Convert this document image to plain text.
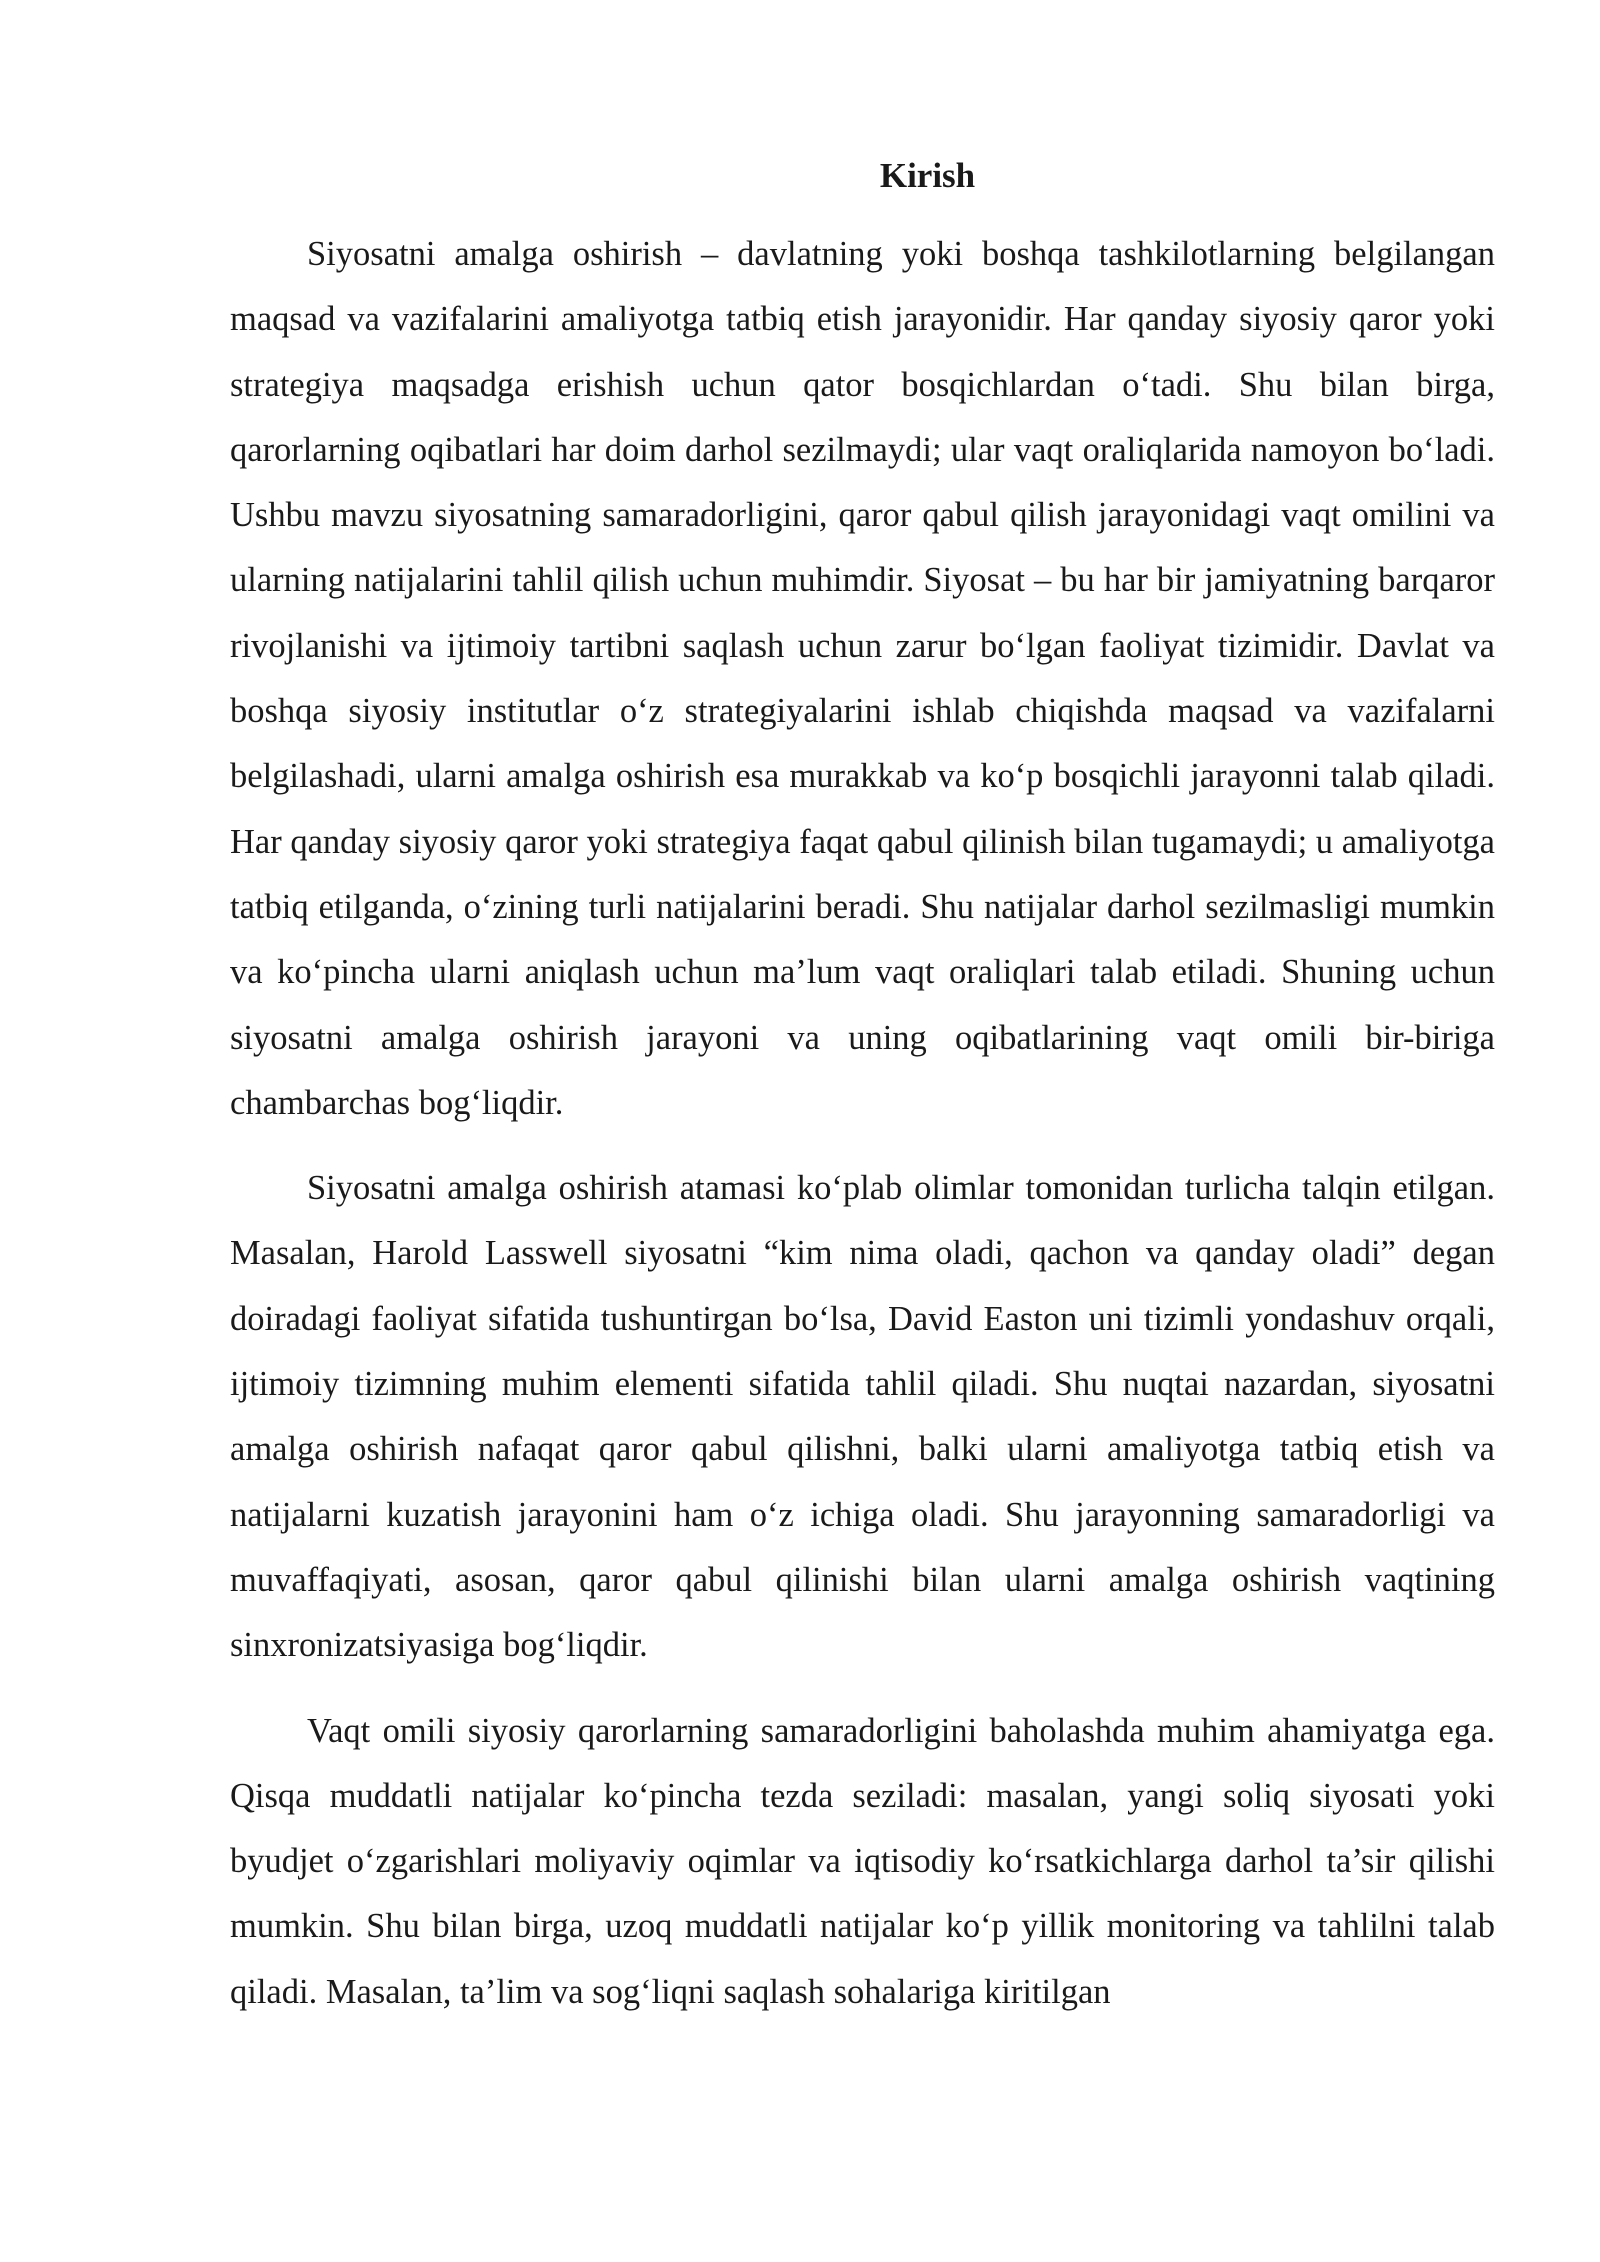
Kirish

Siyosatni amalga oshirish – davlatning yoki boshqa tashkilotlarning belgilangan maqsad va vazifalarini amaliyotga tatbiq etish jarayonidir. Har qanday siyosiy qaror yoki strategiya maqsadga erishish uchun qator bosqichlardan o‘tadi. Shu bilan birga, qarorlarning oqibatlari har doim darhol sezilmaydi; ular vaqt oraliqlarida namoyon bo‘ladi. Ushbu mavzu siyosatning samaradorligini, qaror qabul qilish jarayonidagi vaqt omilini va ularning natijalarini tahlil qilish uchun muhimdir. Siyosat – bu har bir jamiyatning barqaror rivojlanishi va ijtimoiy tartibni saqlash uchun zarur bo‘lgan faoliyat tizimidir. Davlat va boshqa siyosiy institutlar o‘z strategiyalarini ishlab chiqishda maqsad va vazifalarni belgilashadi, ularni amalga oshirish esa murakkab va ko‘p bosqichli jarayonni talab qiladi. Har qanday siyosiy qaror yoki strategiya faqat qabul qilinish bilan tugamaydi; u amaliyotga tatbiq etilganda, o‘zining turli natijalarini beradi. Shu natijalar darhol sezilmasligi mumkin va ko‘pincha ularni aniqlash uchun ma’lum vaqt oraliqlari talab etiladi. Shuning uchun siyosatni amalga oshirish jarayoni va uning oqibatlarining vaqt omili bir-biriga chambarchas bog‘liqdir.

Siyosatni amalga oshirish atamasi ko‘plab olimlar tomonidan turlicha talqin etilgan. Masalan, Harold Lasswell siyosatni “kim nima oladi, qachon va qanday oladi” degan doiradagi faoliyat sifatida tushuntirgan bo‘lsa, David Easton uni tizimli yondashuv orqali, ijtimoiy tizimning muhim elementi sifatida tahlil qiladi. Shu nuqtai nazardan, siyosatni amalga oshirish nafaqat qaror qabul qilishni, balki ularni amaliyotga tatbiq etish va natijalarni kuzatish jarayonini ham o‘z ichiga oladi. Shu jarayonning samaradorligi va muvaffaqiyati, asosan, qaror qabul qilinishi bilan ularni amalga oshirish vaqtining sinxronizatsiyasiga bog‘liqdir.

Vaqt omili siyosiy qarorlarning samaradorligini baholashda muhim ahamiyatga ega. Qisqa muddatli natijalar ko‘pincha tezda seziladi: masalan, yangi soliq siyosati yoki byudjet o‘zgarishlari moliyaviy oqimlar va iqtisodiy ko‘rsatkichlarga darhol ta’sir qilishi mumkin. Shu bilan birga, uzoq muddatli natijalar ko‘p yillik monitoring va tahlilni talab qiladi. Masalan, ta’lim va sog‘liqni saqlash sohalariga kiritilgan
